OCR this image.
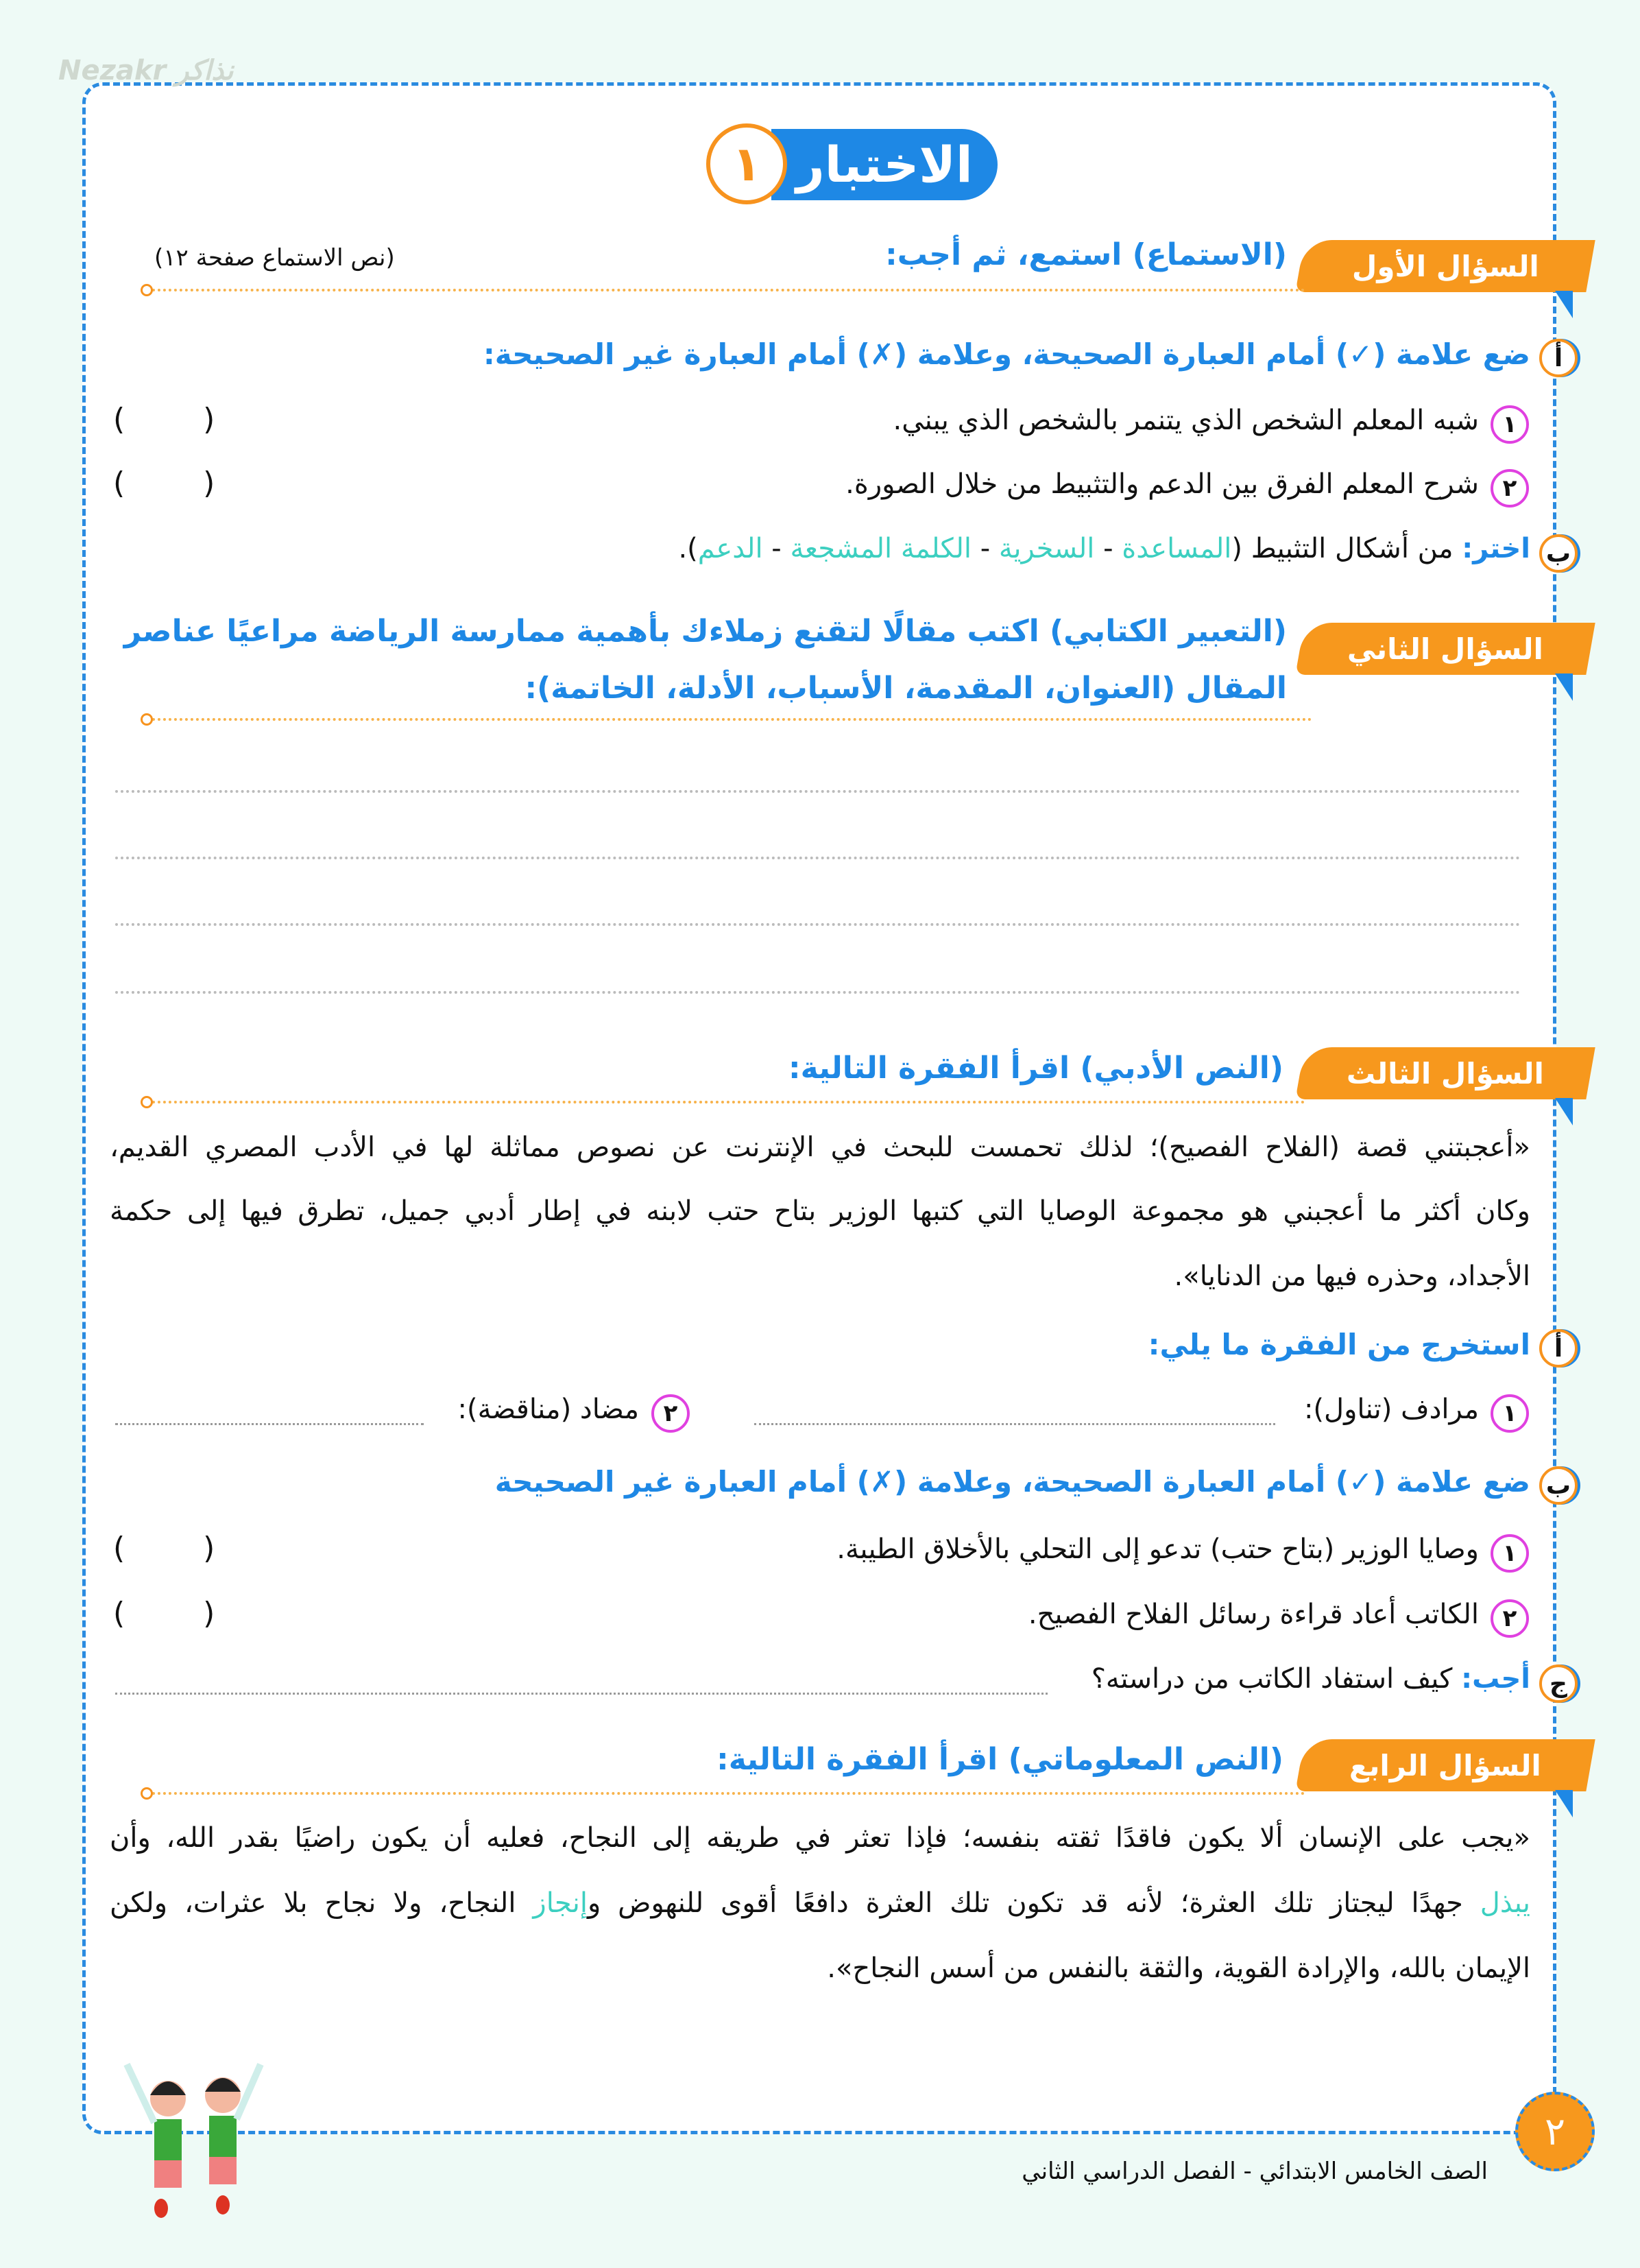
Nezakr نذاكر
الاختبار
١
السؤال الأول
(الاستماع) استمع، ثم أجب:
(نص الاستماع صفحة ١٢)
أ
ضع علامة (✓) أمام العبارة الصحيحة، وعلامة (✗) أمام العبارة غير الصحيحة:
١
شبه المعلم الشخص الذي يتنمر بالشخص الذي يبني.
( )
٢
شرح المعلم الفرق بين الدعم والتثبيط من خلال الصورة.
( )
ب
اختر: من أشكال التثبيط (المساعدة - السخرية - الكلمة المشجعة - الدعم).
السؤال الثاني
(التعبير الكتابي) اكتب مقالًا لتقنع زملاءك بأهمية ممارسة الرياضة مراعيًا عناصر
المقال (العنوان، المقدمة، الأسباب، الأدلة، الخاتمة):
السؤال الثالث
(النص الأدبي) اقرأ الفقرة التالية:
«أعجبتني قصة (الفلاح الفصيح)؛ لذلك تحمست للبحث في الإنترنت عن نصوص مماثلة لها في الأدب المصري القديم،
وكان أكثر ما أعجبني هو مجموعة الوصايا التي كتبها الوزير بتاح حتب لابنه في إطار أدبي جميل، تطرق فيها إلى حكمة
الأجداد، وحذره فيها من الدنايا».
أ
استخرج من الفقرة ما يلي:
١
مرادف (تناول):
٢
مضاد (مناقضة):
ب
ضع علامة (✓) أمام العبارة الصحيحة، وعلامة (✗) أمام العبارة غير الصحيحة
١
وصايا الوزير (بتاح حتب) تدعو إلى التحلي بالأخلاق الطيبة.
( )
٢
الكاتب أعاد قراءة رسائل الفلاح الفصيح.
( )
ج
أجب: كيف استفاد الكاتب من دراسته؟
السؤال الرابع
(النص المعلوماتي) اقرأ الفقرة التالية:
«يجب على الإنسان ألا يكون فاقدًا ثقته بنفسه؛ فإذا تعثر في طريقه إلى النجاح، فعليه أن يكون راضيًا بقدر الله، وأن
يبذل جهدًا ليجتاز تلك العثرة؛ لأنه قد تكون تلك العثرة دافعًا أقوى للنهوض وإنجاز النجاح، ولا نجاح بلا عثرات، ولكن
الإيمان بالله، والإرادة القوية، والثقة بالنفس من أسس النجاح».
الصف الخامس الابتدائي - الفصل الدراسي الثاني
٢
